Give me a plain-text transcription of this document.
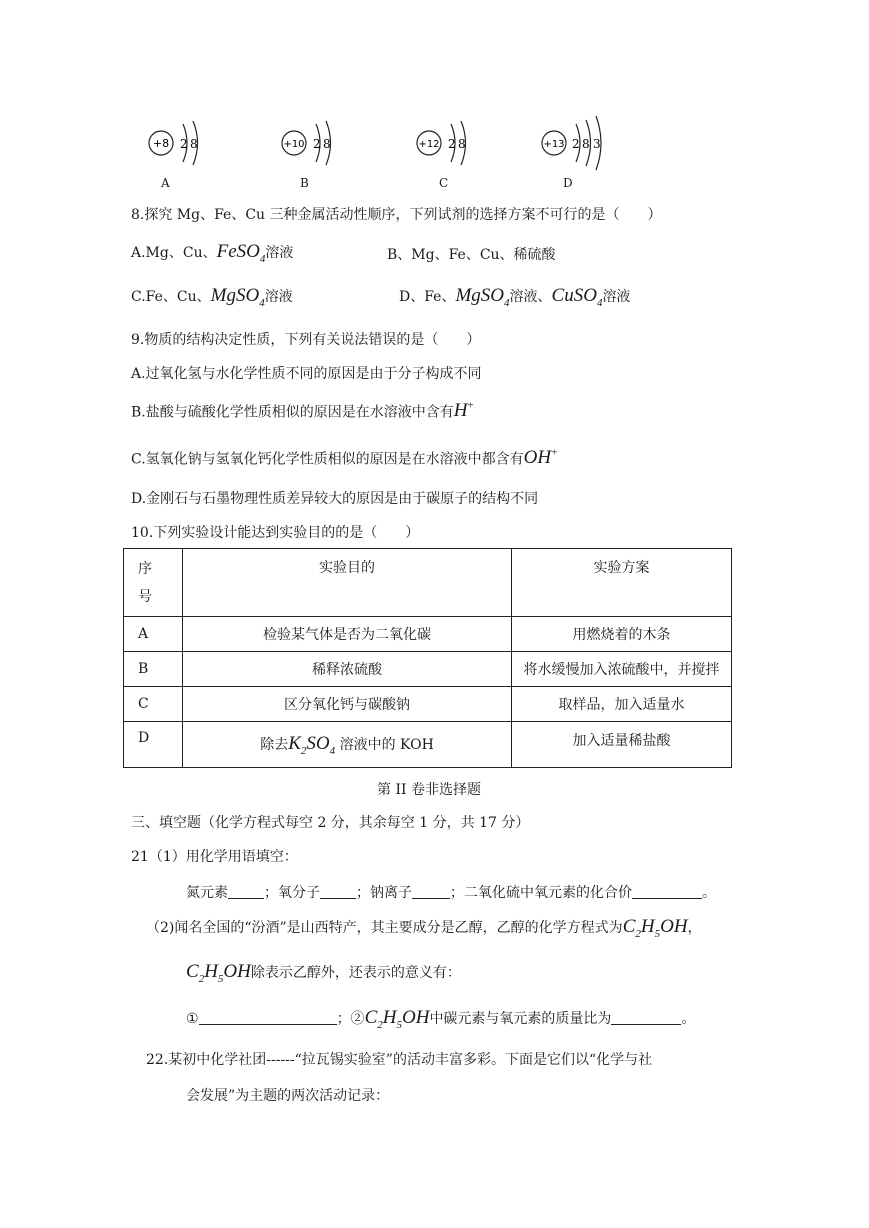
+8 2 8
A
+10 2 8
B
+12 2 8
C
+13 2 8 3
D
8.探究 Mg、Fe、Cu 三种金属活动性顺序，下列试剂的选择方案不可行的是（　　）
A.Mg、Cu、FeSO$_4$溶液	B、Mg、Fe、Cu、稀硫酸
C.Fe、Cu、MgSO$_4$溶液	D、Fe、MgSO$_4$溶液、CuSO$_4$溶液
9.物质的结构决定性质，下列有关说法错误的是（　　）
A.过氧化氢与水化学性质不同的原因是由于分子构成不同
B.盐酸与硫酸化学性质相似的原因是在水溶液中含有H+
C.氢氧化钠与氢氧化钙化学性质相似的原因是在水溶液中都含有OH+
D.金刚石与石墨物理性质差异较大的原因是由于碳原子的结构不同
10.下列实验设计能达到实验目的的是（　　）
序
号	实验目的	实验方案
A	检验某气体是否为二氧化碳	用燃烧着的木条
B	稀释浓硫酸	将水缓慢加入浓硫酸中，并搅拌
C	区分氧化钙与碳酸钠	取样品，加入适量水
D	除去$K_2SO_4$ 溶液中的 KOH	加入适量稀盐酸
第 II 卷非选择题
三、填空题（化学方程式每空 2 分，其余每空 1 分，共 17 分）
21（1）用化学用语填空：
氮元素	；氧分子	；钠离子	；二氧化硫中氧元素的化合价	。
（2)闻名全国的“汾酒”是山西特产，其主要成分是乙醇，乙醇的化学方程式为$C_2H_5OH$，
$C_2H_5OH$除表示乙醇外，还表示的意义有：
①	；$②C_2H_5OH$中碳元素与氧元素的质量比为	。
22.某初中化学社团------“拉瓦锡实验室”的活动丰富多彩。下面是它们以“化学与社
会发展”为主题的两次活动记录：
